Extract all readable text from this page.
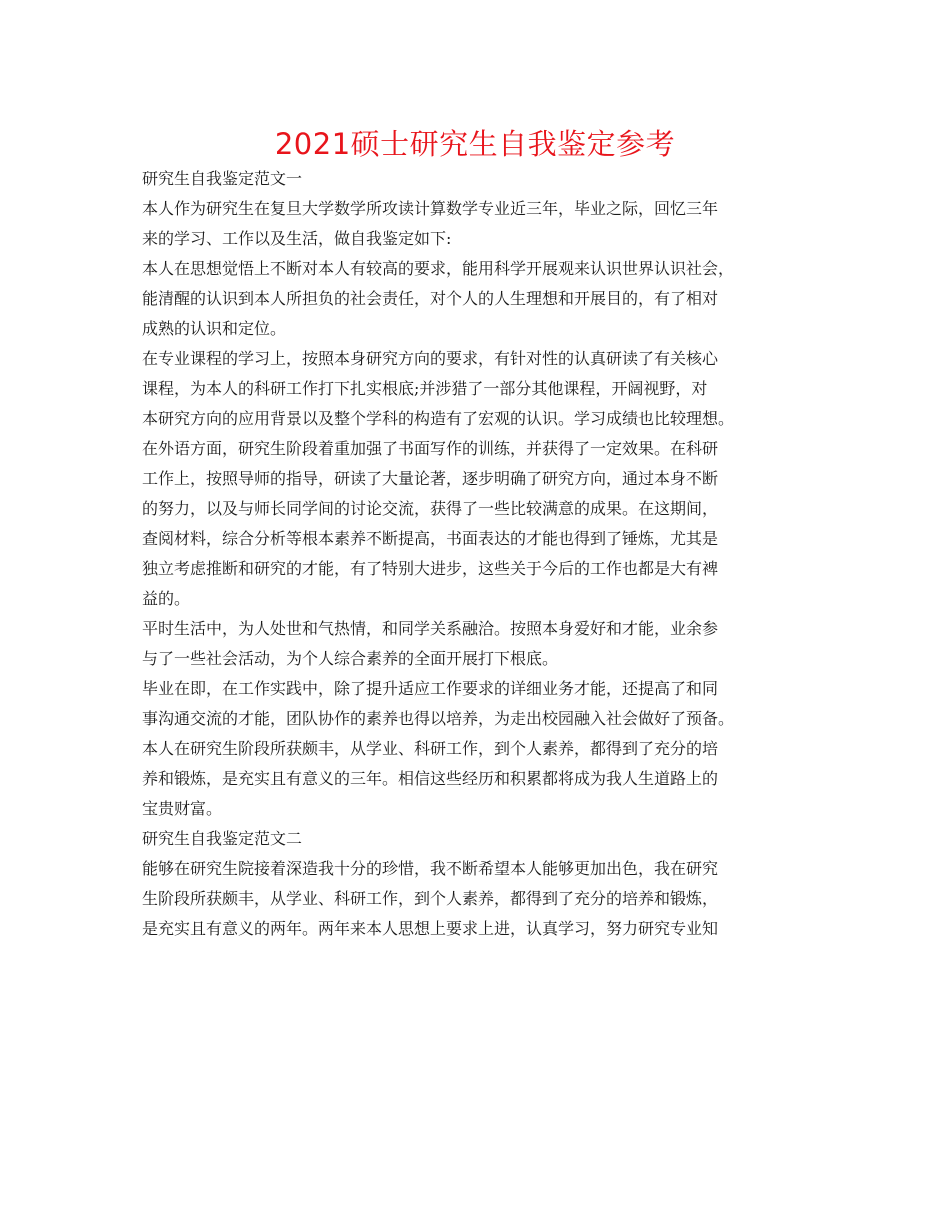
2021硕士研究生自我鉴定参考
研究生自我鉴定范文一
本人作为研究生在复旦大学数学所攻读计算数学专业近三年，毕业之际，回忆三年
来的学习、工作以及生活，做自我鉴定如下:
本人在思想觉悟上不断对本人有较高的要求，能用科学开展观来认识世界认识社会，
能清醒的认识到本人所担负的社会责任，对个人的人生理想和开展目的，有了相对
成熟的认识和定位。
在专业课程的学习上，按照本身研究方向的要求，有针对性的认真研读了有关核心
课程，为本人的科研工作打下扎实根底;并涉猎了一部分其他课程，开阔视野，对
本研究方向的应用背景以及整个学科的构造有了宏观的认识。学习成绩也比较理想。
在外语方面，研究生阶段着重加强了书面写作的训练，并获得了一定效果。在科研
工作上，按照导师的指导，研读了大量论著，逐步明确了研究方向，通过本身不断
的努力，以及与师长同学间的讨论交流，获得了一些比较满意的成果。在这期间，
查阅材料，综合分析等根本素养不断提高，书面表达的才能也得到了锤炼，尤其是
独立考虑推断和研究的才能，有了特别大进步，这些关于今后的工作也都是大有裨
益的。
平时生活中，为人处世和气热情，和同学关系融洽。按照本身爱好和才能，业余参
与了一些社会活动，为个人综合素养的全面开展打下根底。
毕业在即，在工作实践中，除了提升适应工作要求的详细业务才能，还提高了和同
事沟通交流的才能，团队协作的素养也得以培养，为走出校园融入社会做好了预备。
本人在研究生阶段所获颇丰，从学业、科研工作，到个人素养，都得到了充分的培
养和锻炼，是充实且有意义的三年。相信这些经历和积累都将成为我人生道路上的
宝贵财富。
研究生自我鉴定范文二
能够在研究生院接着深造我十分的珍惜，我不断希望本人能够更加出色，我在研究
生阶段所获颇丰，从学业、科研工作，到个人素养，都得到了充分的培养和锻炼，
是充实且有意义的两年。两年来本人思想上要求上进，认真学习，努力研究专业知
